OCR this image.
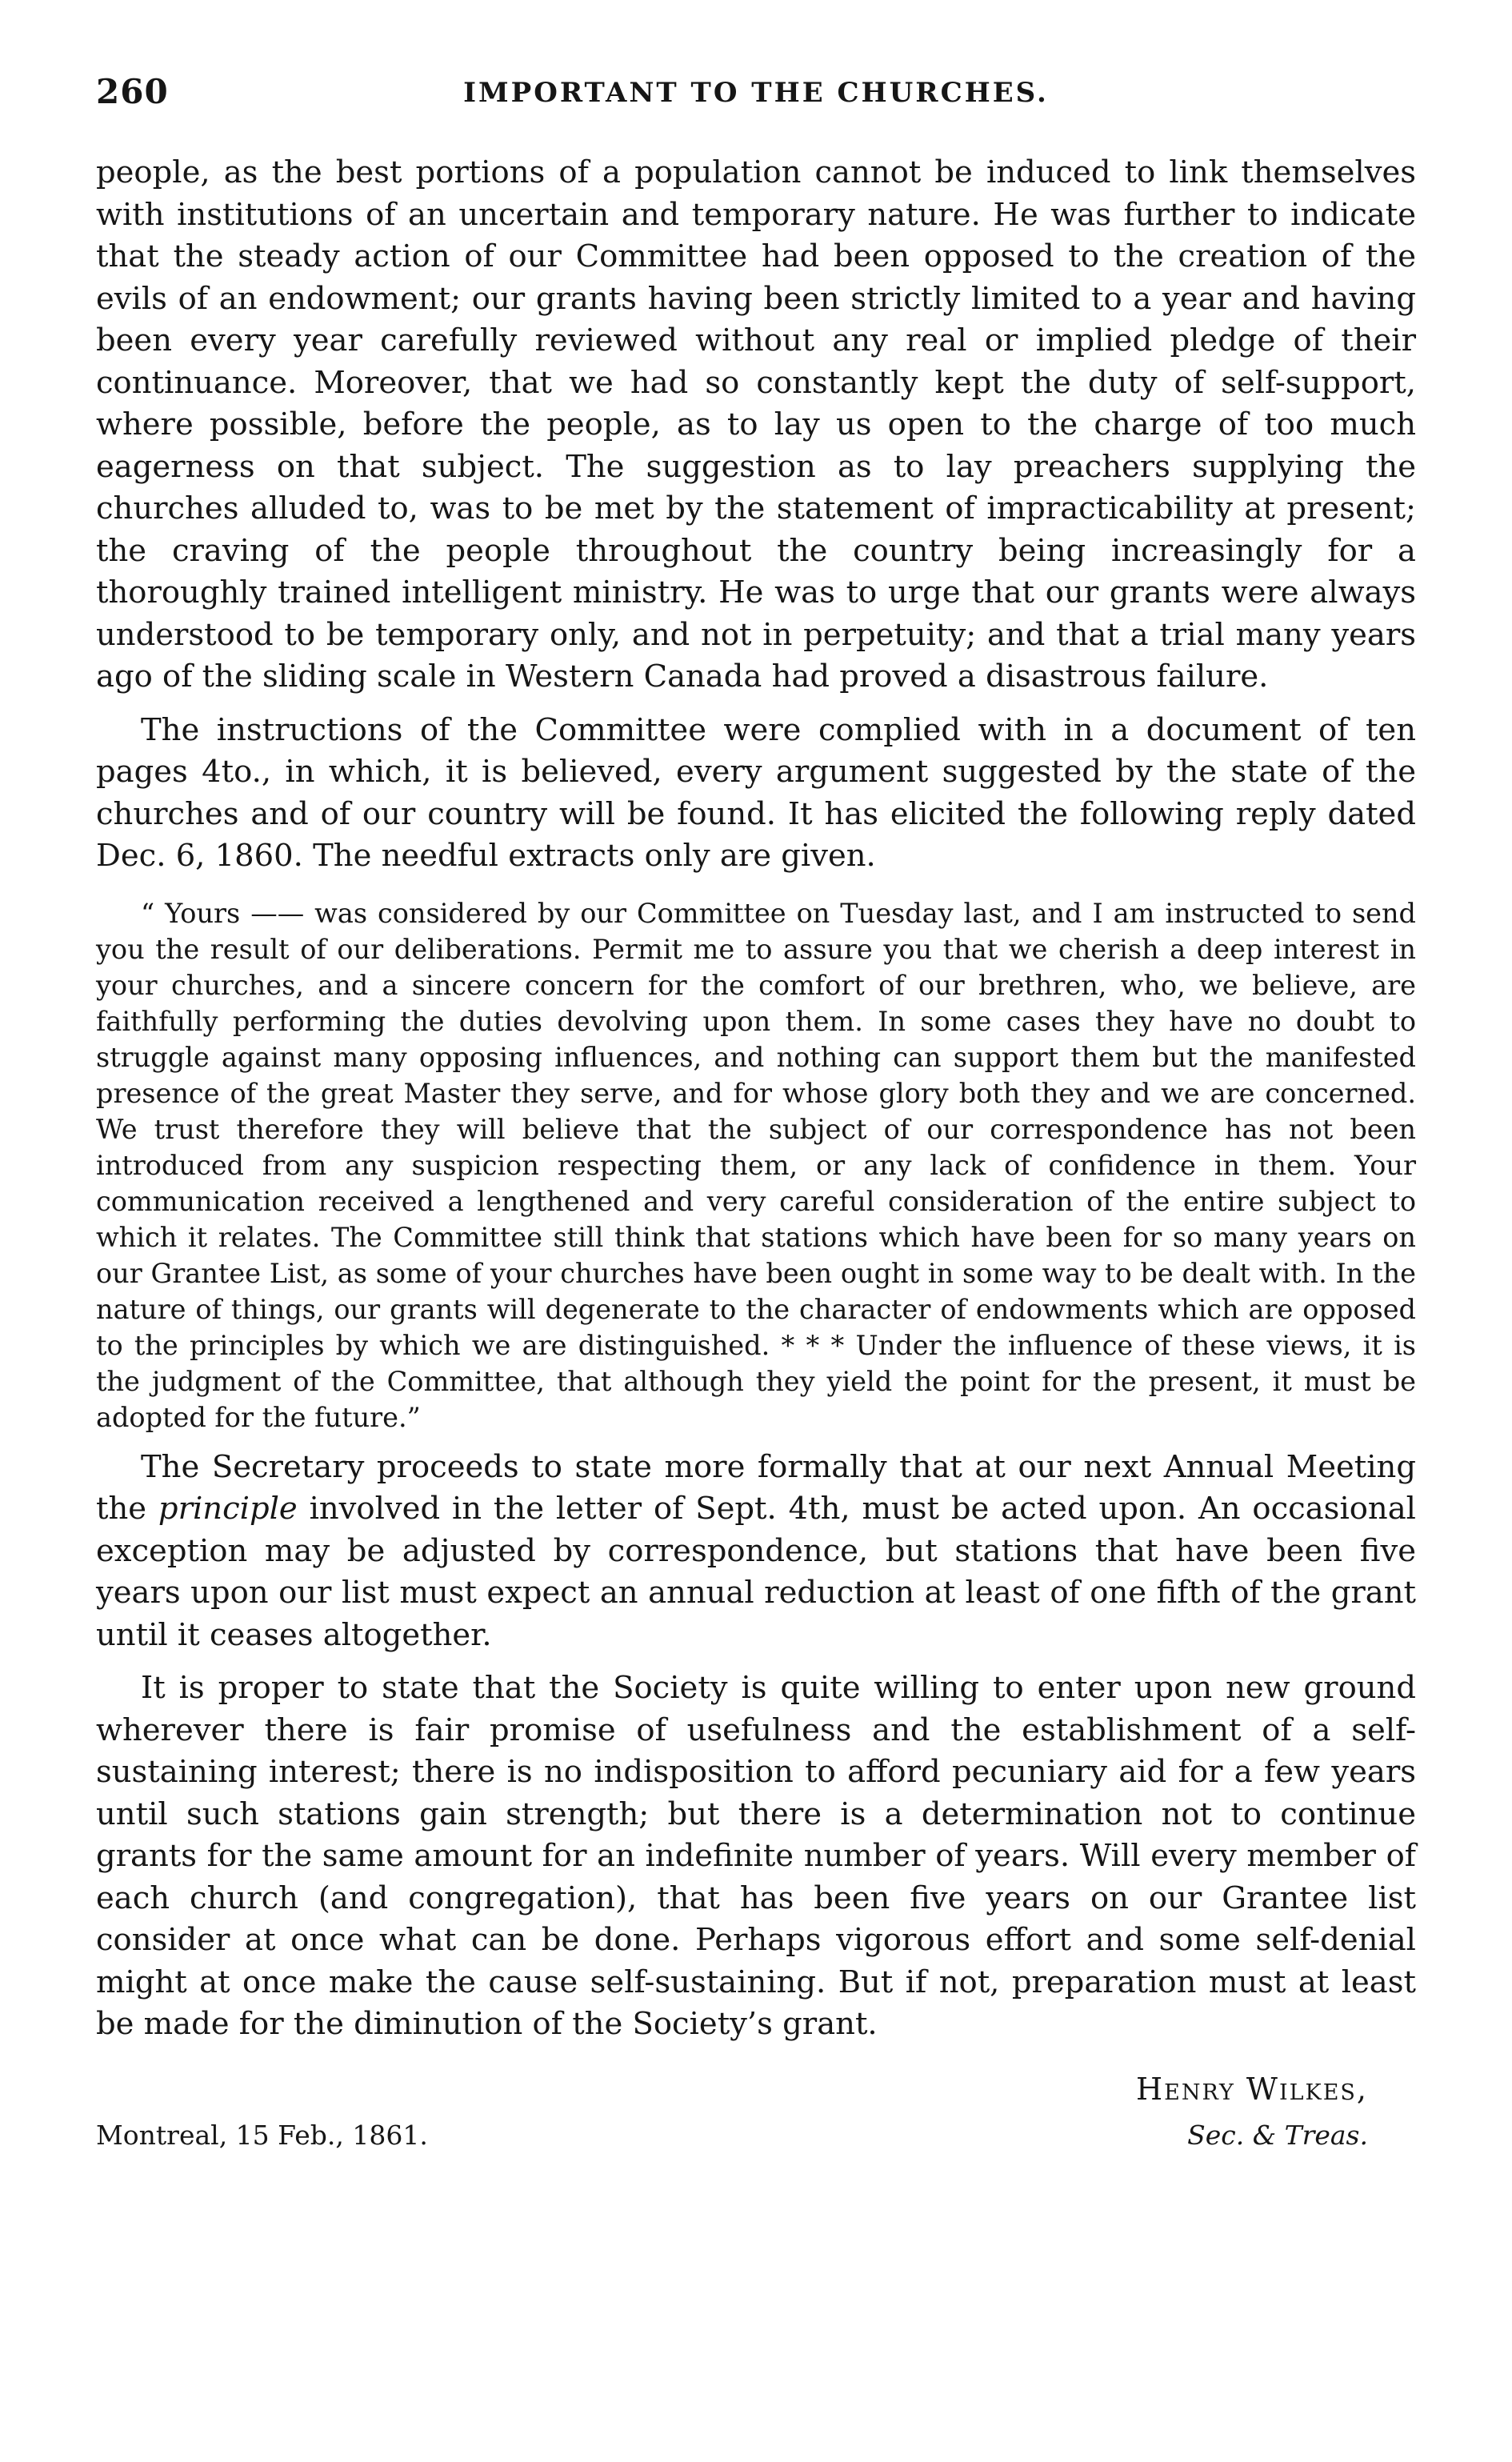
260	IMPORTANT TO THE CHURCHES.

people, as the best portions of a population cannot be induced to link themselves with institutions of an uncertain and temporary nature. He was further to indicate that the steady action of our Committee had been opposed to the creation of the evils of an endowment; our grants having been strictly limited to a year and having been every year carefully reviewed without any real or implied pledge of their continuance. Moreover, that we had so constantly kept the duty of self-support, where possible, before the people, as to lay us open to the charge of too much eagerness on that subject. The suggestion as to lay preachers supplying the churches alluded to, was to be met by the statement of impracticability at present; the craving of the people throughout the country being increasingly for a thoroughly trained intelligent ministry. He was to urge that our grants were always understood to be temporary only, and not in perpetuity; and that a trial many years ago of the sliding scale in Western Canada had proved a disastrous failure.

The instructions of the Committee were complied with in a document of ten pages 4to., in which, it is believed, every argument suggested by the state of the churches and of our country will be found. It has elicited the following reply dated Dec. 6, 1860. The needful extracts only are given.

“ Yours —— was considered by our Committee on Tuesday last, and I am instructed to send you the result of our deliberations. Permit me to assure you that we cherish a deep interest in your churches, and a sincere concern for the comfort of our brethren, who, we believe, are faithfully performing the duties devolving upon them. In some cases they have no doubt to struggle against many opposing influences, and nothing can support them but the manifested presence of the great Master they serve, and for whose glory both they and we are concerned. We trust therefore they will believe that the subject of our correspondence has not been introduced from any suspicion respecting them, or any lack of confidence in them. Your communication received a lengthened and very careful consideration of the entire subject to which it relates. The Committee still think that stations which have been for so many years on our Grantee List, as some of your churches have been ought in some way to be dealt with. In the nature of things, our grants will degenerate to the character of endowments which are opposed to the principles by which we are distinguished. * * * Under the influence of these views, it is the judgment of the Committee, that although they yield the point for the present, it must be adopted for the future.”

The Secretary proceeds to state more formally that at our next Annual Meeting the principle involved in the letter of Sept. 4th, must be acted upon. An occasional exception may be adjusted by correspondence, but stations that have been five years upon our list must expect an annual reduction at least of one fifth of the grant until it ceases altogether.

It is proper to state that the Society is quite willing to enter upon new ground wherever there is fair promise of usefulness and the establishment of a self-sustaining interest; there is no indisposition to afford pecuniary aid for a few years until such stations gain strength; but there is a determination not to continue grants for the same amount for an indefinite number of years. Will every member of each church (and congregation), that has been five years on our Grantee list consider at once what can be done. Perhaps vigorous effort and some self-denial might at once make the cause self-sustaining. But if not, preparation must at least be made for the diminution of the Society’s grant.

Henry Wilkes,
Montreal, 15 Feb., 1861.	Sec. & Treas.
